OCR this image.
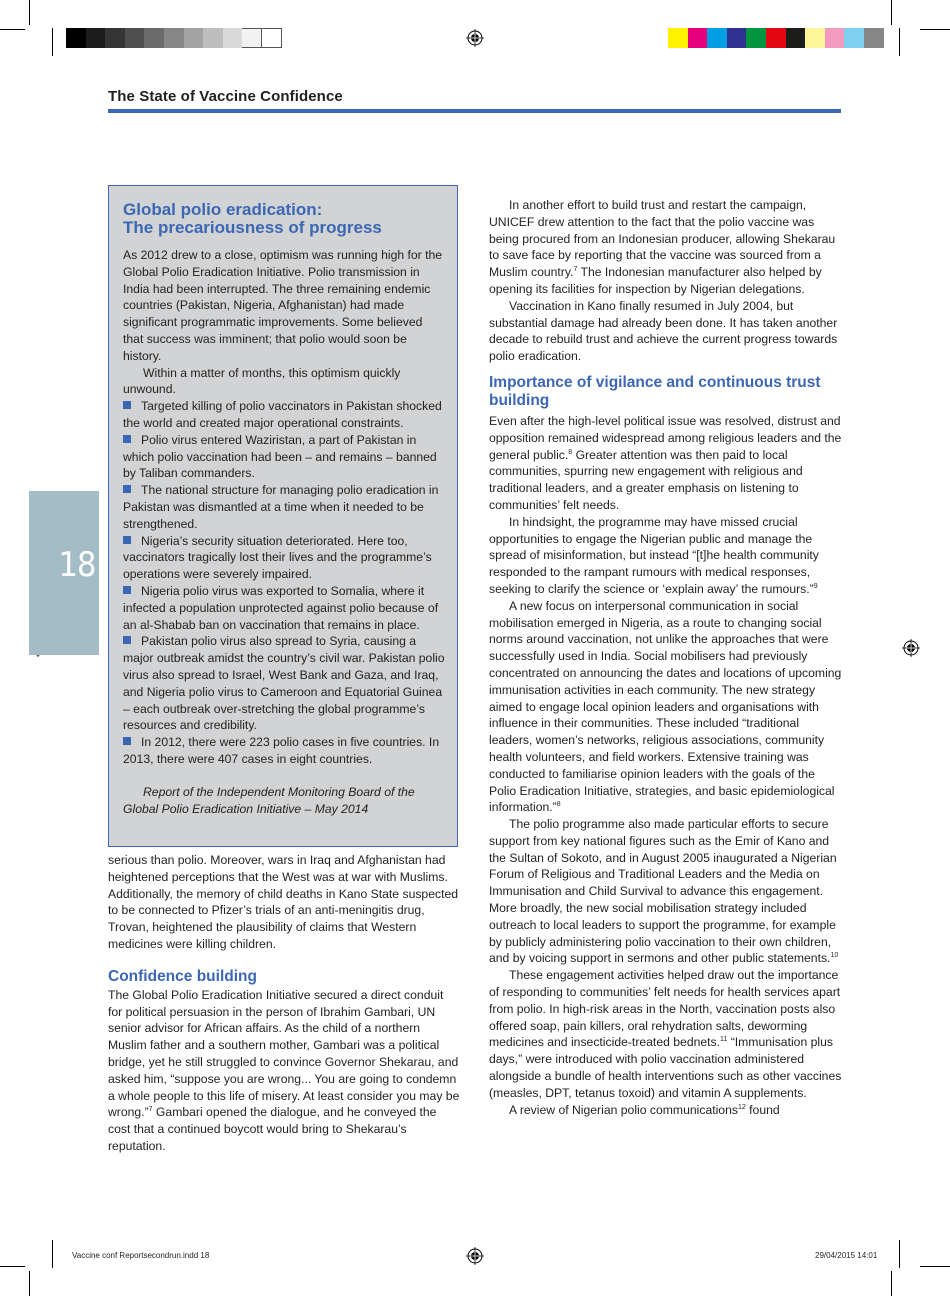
The State of Vaccine Confidence
18
Global polio eradication:
The precariousness of progress

As 2012 drew to a close, optimism was running high for the Global Polio Eradication Initiative. Polio transmission in India had been interrupted. The three remaining endemic countries (Pakistan, Nigeria, Afghanistan) had made significant programmatic improvements. Some believed that success was imminent; that polio would soon be history.

Within a matter of months, this optimism quickly unwound.

Targeted killing of polio vaccinators in Pakistan shocked the world and created major operational constraints.

Polio virus entered Waziristan, a part of Pakistan in which polio vaccination had been – and remains – banned by Taliban commanders.

The national structure for managing polio eradication in Pakistan was dismantled at a time when it needed to be strengthened.

Nigeria’s security situation deteriorated. Here too, vaccinators tragically lost their lives and the programme’s operations were severely impaired.

Nigeria polio virus was exported to Somalia, where it infected a population unprotected against polio because of an al-Shabab ban on vaccination that remains in place.

Pakistan polio virus also spread to Syria, causing a major outbreak amidst the country’s civil war. Pakistan polio virus also spread to Israel, West Bank and Gaza, and Iraq, and Nigeria polio virus to Cameroon and Equatorial Guinea – each outbreak over-stretching the global programme’s resources and credibility.

In 2012, there were 223 polio cases in five countries. In 2013, there were 407 cases in eight countries.

Report of the Independent Monitoring Board of the Global Polio Eradication Initiative – May 2014

serious than polio. Moreover, wars in Iraq and Afghanistan had heightened perceptions that the West was at war with Muslims. Additionally, the memory of child deaths in Kano State suspected to be connected to Pfizer’s trials of an anti-meningitis drug, Trovan, heightened the plausibility of claims that Western medicines were killing children.

Confidence building

The Global Polio Eradication Initiative secured a direct conduit for political persuasion in the person of Ibrahim Gambari, UN senior advisor for African affairs. As the child of a northern Muslim father and a southern mother, Gambari was a political bridge, yet he still struggled to convince Governor Shekarau, and asked him, “suppose you are wrong... You are going to condemn a whole people to this life of misery. At least consider you may be wrong.”$^7$ Gambari opened the dialogue, and he conveyed the cost that a continued boycott would bring to Shekarau’s reputation.

In another effort to build trust and restart the campaign, UNICEF drew attention to the fact that the polio vaccine was being procured from an Indonesian producer, allowing Shekarau to save face by reporting that the vaccine was sourced from a Muslim country.$^7$ The Indonesian manufacturer also helped by opening its facilities for inspection by Nigerian delegations.

Vaccination in Kano finally resumed in July 2004, but substantial damage had already been done. It has taken another decade to rebuild trust and achieve the current progress towards polio eradication.

Importance of vigilance and continuous trust building

Even after the high-level political issue was resolved, distrust and opposition remained widespread among religious leaders and the general public.$^8$ Greater attention was then paid to local communities, spurring new engagement with religious and traditional leaders, and a greater emphasis on listening to communities’ felt needs.

In hindsight, the programme may have missed crucial opportunities to engage the Nigerian public and manage the spread of misinformation, but instead “[t]he health community responded to the rampant rumours with medical responses, seeking to clarify the science or ‘explain away’ the rumours.”$^9$

A new focus on interpersonal communication in social mobilisation emerged in Nigeria, as a route to changing social norms around vaccination, not unlike the approaches that were successfully used in India. Social mobilisers had previously concentrated on announcing the dates and locations of upcoming immunisation activities in each community. The new strategy aimed to engage local opinion leaders and organisations with influence in their communities. These included “traditional leaders, women’s networks, religious associations, community health volunteers, and field workers. Extensive training was conducted to familiarise opinion leaders with the goals of the Polio Eradication Initiative, strategies, and basic epidemiological information.”$^8$

The polio programme also made particular efforts to secure support from key national figures such as the Emir of Kano and the Sultan of Sokoto, and in August 2005 inaugurated a Nigerian Forum of Religious and Traditional Leaders and the Media on Immunisation and Child Survival to advance this engagement. More broadly, the new social mobilisation strategy included outreach to local leaders to support the programme, for example by publicly administering polio vaccination to their own children, and by voicing support in sermons and other public statements.$^{10}$

These engagement activities helped draw out the importance of responding to communities’ felt needs for health services apart from polio. In high-risk areas in the North, vaccination posts also offered soap, pain killers, oral rehydration salts, deworming medicines and insecticide-treated bednets.$^{11}$ “Immunisation plus days,” were introduced with polio vaccination administered alongside a bundle of health interventions such as other vaccines (measles, DPT, tetanus toxoid) and vitamin A supplements.

A review of Nigerian polio communications$^{12}$ found

Vaccine conf Reportsecondrun.indd 18	29/04/2015 14:01
